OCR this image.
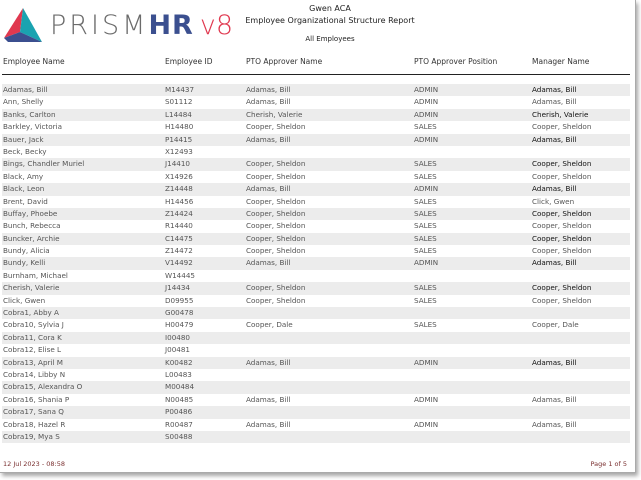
PRISMHR v8
Gwen ACA
Employee Organizational Structure Report
All Employees
Employee Name	Employee ID	PTO Approver Name	PTO Approver Position	Manager Name
Adamas, Bill	M14437	Adamas, Bill	ADMIN	Adamas, Bill
Ann, Shelly	S01112	Adamas, Bill	ADMIN	Adamas, Bill
Banks, Carlton	L14484	Cherish, Valerie	ADMIN	Cherish, Valerie
Barkley, Victoria	H14480	Cooper, Sheldon	SALES	Cooper, Sheldon
Bauer, Jack	P14415	Adamas, Bill	ADMIN	Adamas, Bill
Beck, Becky	X12493
Bings, Chandler Muriel	J14410	Cooper, Sheldon	SALES	Cooper, Sheldon
Black, Amy	X14926	Cooper, Sheldon	SALES	Cooper, Sheldon
Black, Leon	Z14448	Adamas, Bill	ADMIN	Adamas, Bill
Brent, David	H14456	Cooper, Sheldon	SALES	Click, Gwen
Buffay, Phoebe	Z14424	Cooper, Sheldon	SALES	Cooper, Sheldon
Bunch, Rebecca	R14440	Cooper, Sheldon	SALES	Cooper, Sheldon
Buncker, Archie	C14475	Cooper, Sheldon	SALES	Cooper, Sheldon
Bundy, Alicia	Z14472	Cooper, Sheldon	SALES	Cooper, Sheldon
Bundy, Kelli	V14492	Adamas, Bill	ADMIN	Adamas, Bill
Burnham, Michael	W14445
Cherish, Valerie	J14434	Cooper, Sheldon	SALES	Cooper, Sheldon
Click, Gwen	D09955	Cooper, Sheldon	SALES	Cooper, Sheldon
Cobra1, Abby A	G00478
Cobra10, Sylvia J	H00479	Cooper, Dale	SALES	Cooper, Dale
Cobra11, Cora K	I00480
Cobra12, Elise L	J00481
Cobra13, April M	K00482	Adamas, Bill	ADMIN	Adamas, Bill
Cobra14, Libby N	L00483
Cobra15, Alexandra O	M00484
Cobra16, Shania P	N00485	Adamas, Bill	ADMIN	Adamas, Bill
Cobra17, Sana Q	P00486
Cobra18, Hazel R	R00487	Adamas, Bill	ADMIN	Adamas, Bill
Cobra19, Mya S	S00488
12 Jul 2023 - 08:58	Page 1 of 5
